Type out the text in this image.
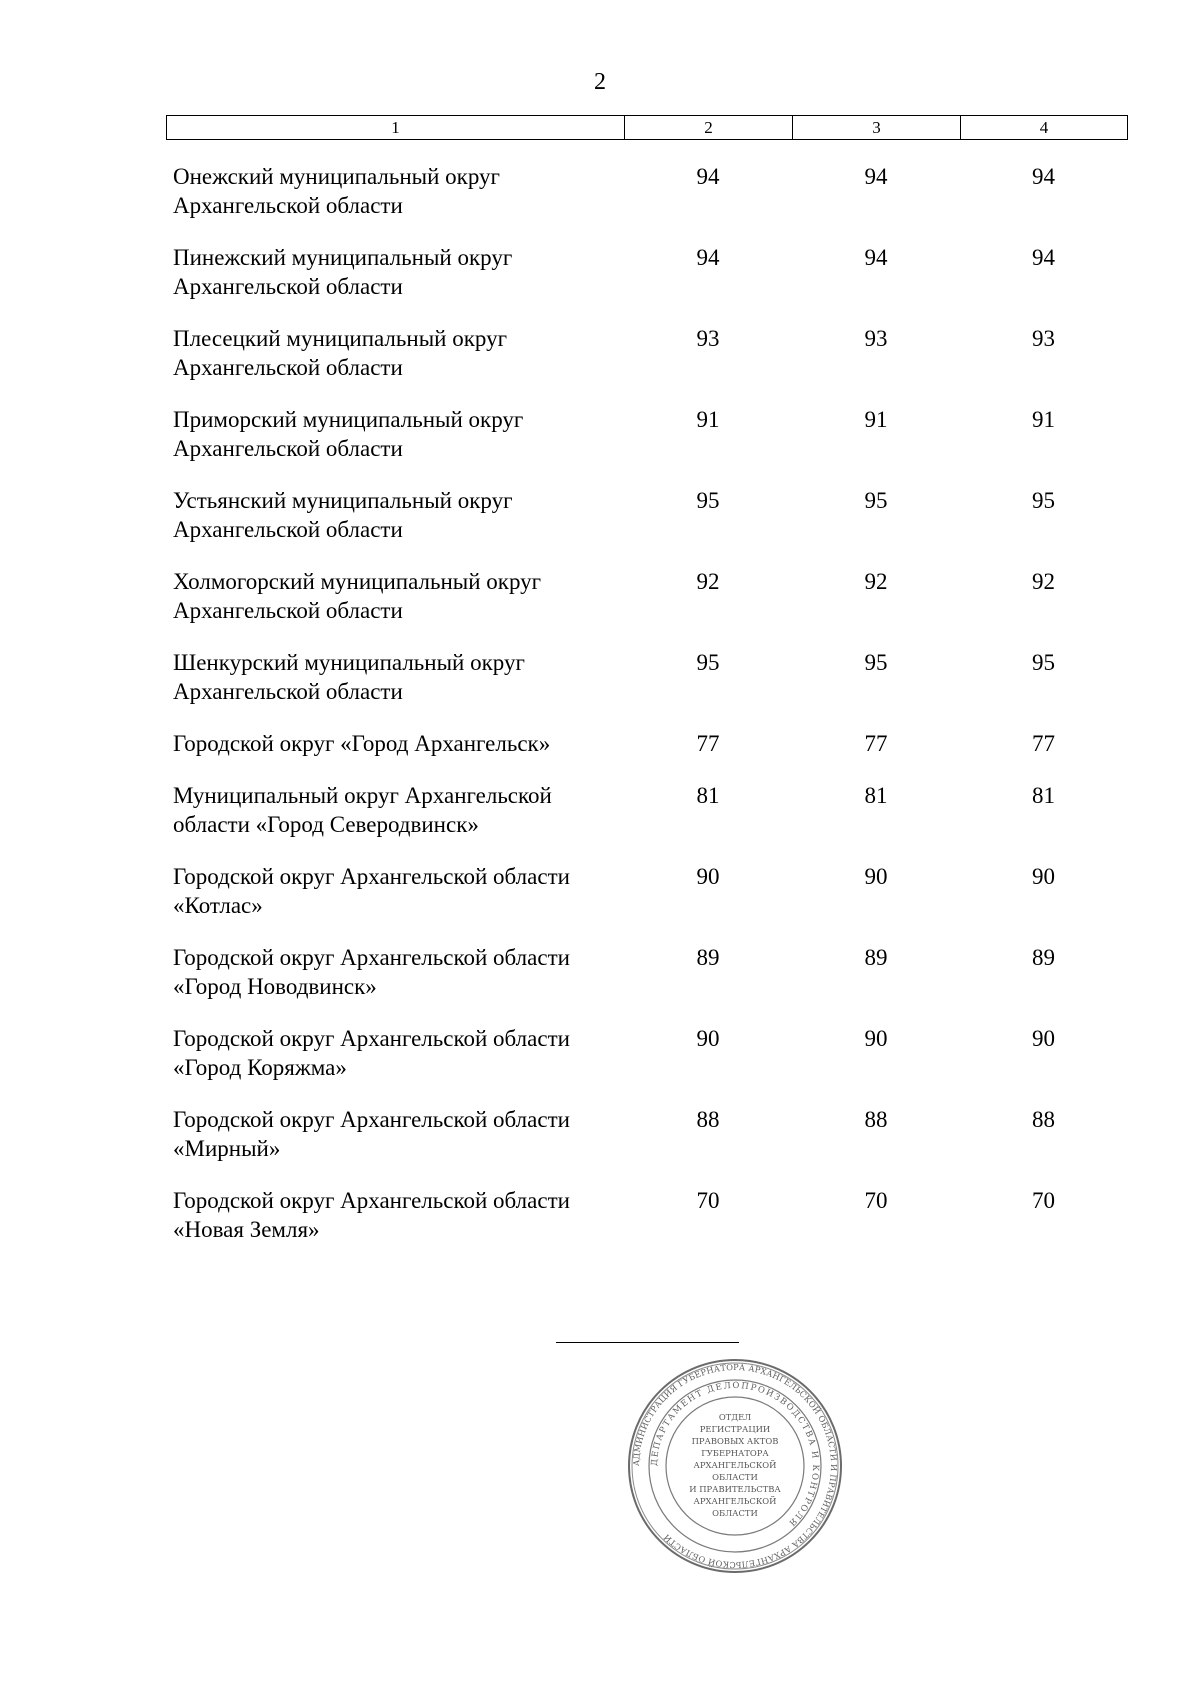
2
1	2	3	4
Онежский муниципальный округ
Архангельской области
94	94	94
Пинежский муниципальный округ
Архангельской области
94	94	94
Плесецкий муниципальный округ
Архангельской области
93	93	93
Приморский муниципальный округ
Архангельской области
91	91	91
Устьянский муниципальный округ
Архангельской области
95	95	95
Холмогорский муниципальный округ
Архангельской области
92	92	92
Шенкурский муниципальный округ
Архангельской области
95	95	95
Городской округ «Город Архангельск»	77	77	77
Муниципальный округ Архангельской
области «Город Северодвинск»
81	81	81
Городской округ Архангельской области
«Котлас»
90	90	90
Городской округ Архангельской области
«Город Новодвинск»
89	89	89
Городской округ Архангельской области
«Город Коряжма»
90	90	90
Городской округ Архангельской области
«Мирный»
88	88	88
Городской округ Архангельской области
«Новая Земля»
70	70	70
АДМИНИСТРАЦИЯ ГУБЕРНАТОРА АРХАНГЕЛЬСКОЙ ОБЛАСТИ И ПРАВИТЕЛЬСТВА АРХАНГЕЛЬСКОЙ ОБЛАСТИ
ДЕПАРТАМЕНТ ДЕЛОПРОИЗВОДСТВА И КОНТРОЛЯ
ОТДЕЛ
РЕГИСТРАЦИИ
ПРАВОВЫХ АКТОВ
ГУБЕРНАТОРА
АРХАНГЕЛЬСКОЙ
ОБЛАСТИ
И ПРАВИТЕЛЬСТВА
АРХАНГЕЛЬСКОЙ
ОБЛАСТИ
